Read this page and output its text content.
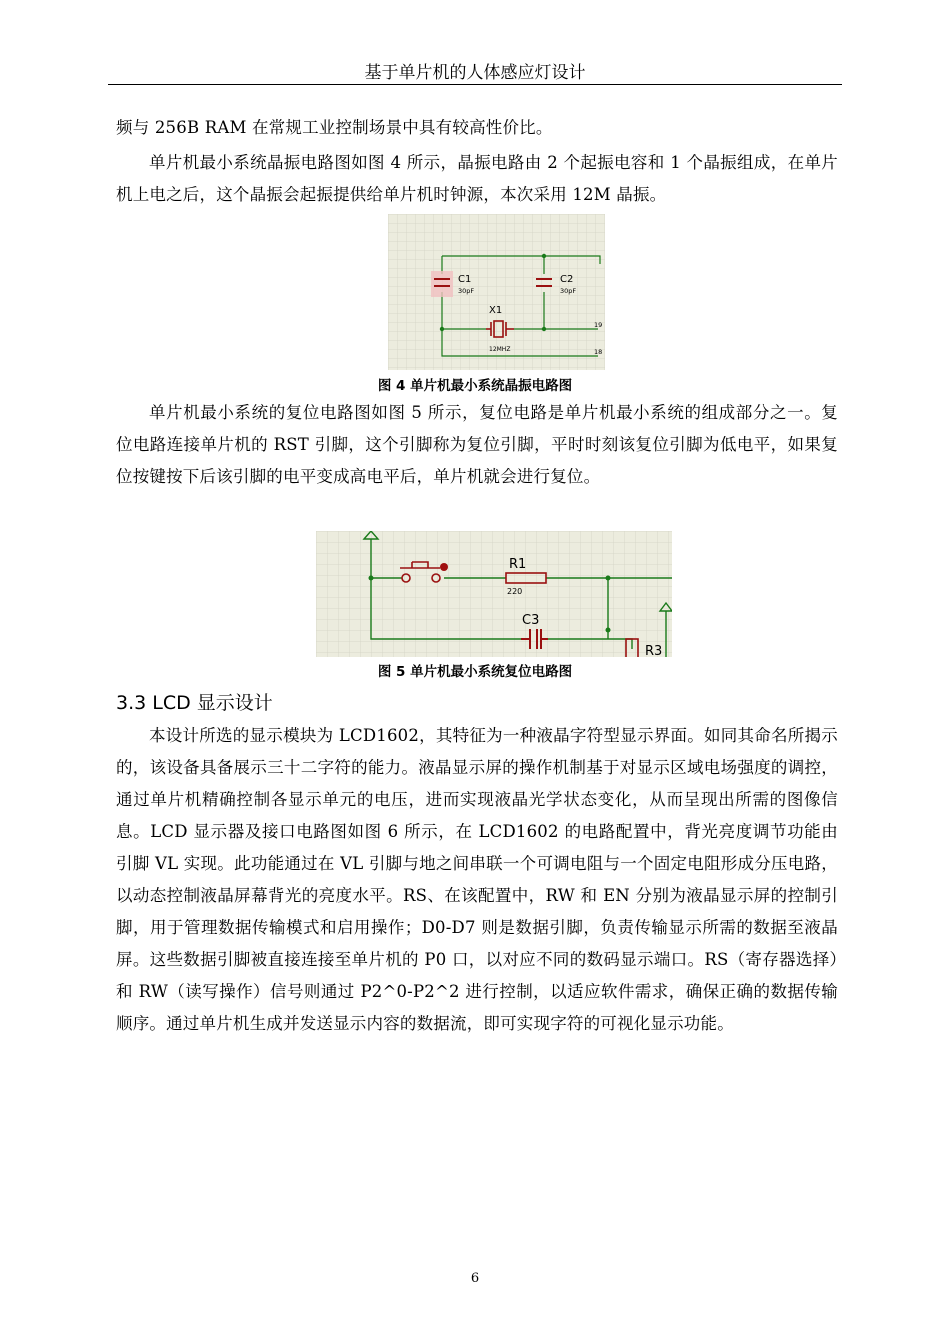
基于单片机的人体感应灯设计

频与 256B RAM 在常规工业控制场景中具有较高性价比。

单片机最小系统晶振电路图如图 4 所示，晶振电路由 2 个起振电容和 1 个晶振组成，在单片机上电之后，这个晶振会起振提供给单片机时钟源，本次采用 12M 晶振。

C1
30pF
C2
30pF
X1
12MHZ
19
18
图 4 单片机最小系统晶振电路图

单片机最小系统的复位电路图如图 5 所示，复位电路是单片机最小系统的组成部分之一。复位电路连接单片机的 RST 引脚，这个引脚称为复位引脚，平时时刻该复位引脚为低电平，如果复位按键按下后该引脚的电平变成高电平后，单片机就会进行复位。

R1
220
C3
R3
图 5 单片机最小系统复位电路图
3.3 LCD 显示设计

本设计所选的显示模块为 LCD1602，其特征为一种液晶字符型显示界面。如同其命名所揭示的，该设备具备展示三十二字符的能力。液晶显示屏的操作机制基于对显示区域电场强度的调控，通过单片机精确控制各显示单元的电压，进而实现液晶光学状态变化，从而呈现出所需的图像信息。LCD 显示器及接口电路图如图 6 所示，在 LCD1602 的电路配置中，背光亮度调节功能由引脚 VL 实现。此功能通过在 VL 引脚与地之间串联一个可调电阻与一个固定电阻形成分压电路，以动态控制液晶屏幕背光的亮度水平。RS、在该配置中，RW 和 EN 分别为液晶显示屏的控制引脚，用于管理数据传输模式和启用操作；D0-D7 则是数据引脚，负责传输显示所需的数据至液晶屏。这些数据引脚被直接连接至单片机的 P0 口，以对应不同的数码显示端口。RS（寄存器选择）和 RW（读写操作）信号则通过 P2^0-P2^2 进行控制，以适应软件需求，确保正确的数据传输顺序。通过单片机生成并发送显示内容的数据流，即可实现字符的可视化显示功能。

6
